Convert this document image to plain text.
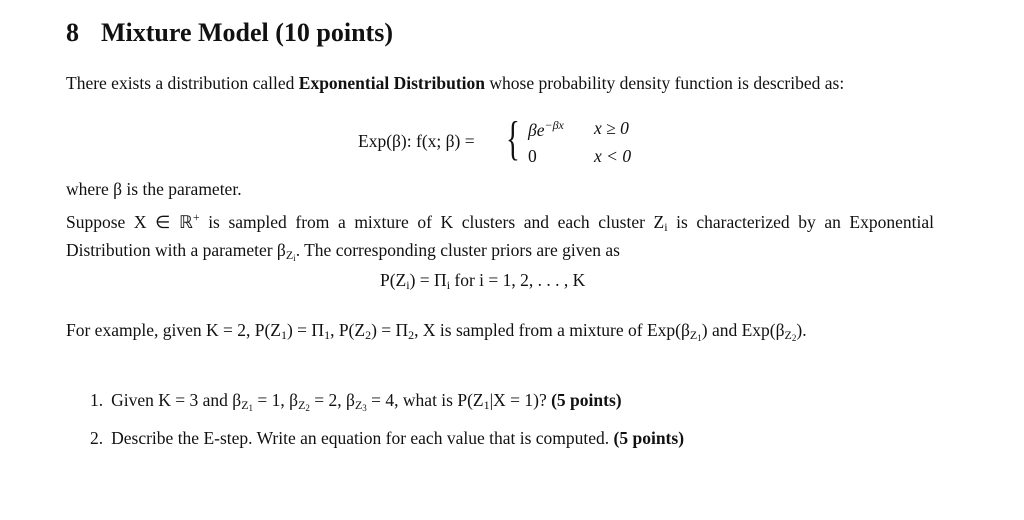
8 Mixture Model (10 points)
There exists a distribution called Exponential Distribution whose probability density function is described as:
Exp(β): f(x; β) = { $\beta e^{-\beta x}$ x ≥ 0
0	x < 0
where β is the parameter.
Suppose X ∈ ℝ+ is sampled from a mixture of K clusters and each cluster $Z_i$ is characterized by an Exponential Distribution with a parameter $\beta_{Zi}$. The corresponding cluster priors are given as
$P(Z_i) = \Pi_i$ for i = 1, 2, . . . , K
For example, given K = 2, $P(Z_1) = \Pi_1$, $P(Z_2) = \Pi_2$, X is sampled from a mixture of $Exp(\beta_{Z1})$ and $Exp(\beta_{Z2})$.
1. Given K = 3 and $\beta_{Z1} = 1$, $\beta_{Z2} = 2$, $\beta_{Z3} = 4$, what is $P(Z_1|X = 1)$? (5 points)
2. Describe the E-step. Write an equation for each value that is computed. (5 points)
